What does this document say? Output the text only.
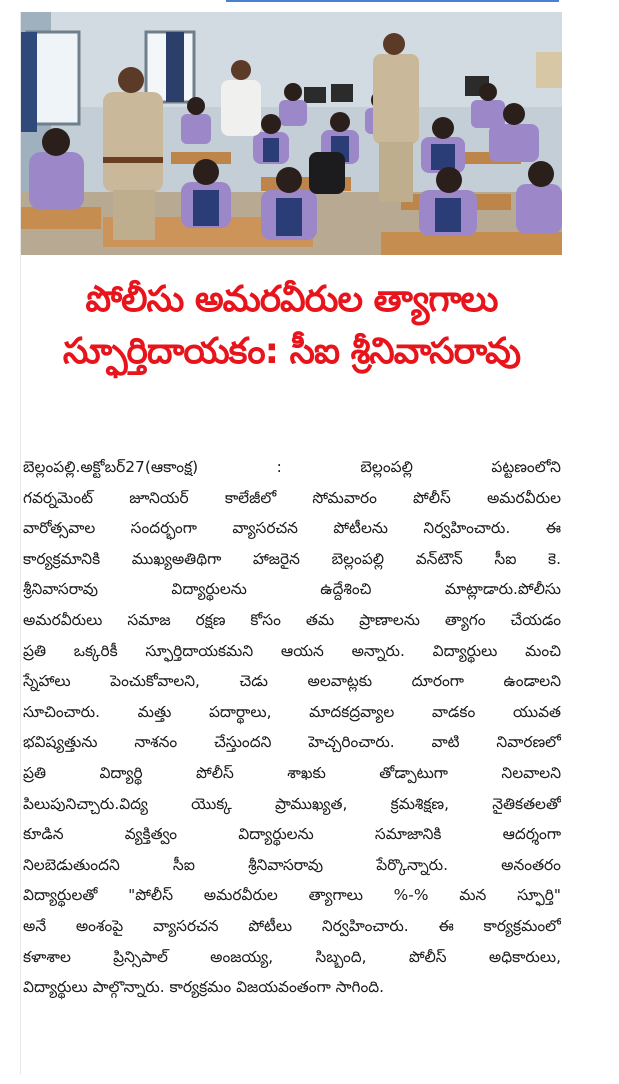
పోలీసు అమరవీరుల త్యాగాలు
స్ఫూర్తిదాయకం: సీఐ శ్రీనివాసరావు
బెల్లంపల్లి.అక్టోబర్27(ఆకాంక్ష) : బెల్లంపల్లి పట్టణంలోని
గవర్నమెంట్ జూనియర్ కాలేజీలో సోమవారం పోలీస్ అమరవీరుల
వారోత్సవాల సందర్భంగా వ్యాసరచన పోటీలను నిర్వహించారు. ఈ
కార్యక్రమానికి ముఖ్యఅతిథిగా హాజరైన బెల్లంపల్లి వన్‌టౌన్ సీఐ కె.
శ్రీనివాసరావు విద్యార్థులను ఉద్దేశించి మాట్లాడారు.పోలీసు
అమరవీరులు సమాజ రక్షణ కోసం తమ ప్రాణాలను త్యాగం చేయడం
ప్రతి ఒక్కరికీ స్ఫూర్తిదాయకమని ఆయన అన్నారు. విద్యార్థులు మంచి
స్నేహాలు పెంచుకోవాలని, చెడు అలవాట్లకు దూరంగా ఉండాలని
సూచించారు. మత్తు పదార్థాలు, మాదకద్రవ్యాల వాడకం యువత
భవిష్యత్తును నాశనం చేస్తుందని హెచ్చరించారు. వాటి నివారణలో
ప్రతి విద్యార్థి పోలీస్ శాఖకు తోడ్పాటుగా నిలవాలని
పిలుపునిచ్చారు.విద్య యొక్క ప్రాముఖ్యత, క్రమశిక్షణ, నైతికతలతో
కూడిన వ్యక్తిత్వం విద్యార్థులను సమాజానికి ఆదర్శంగా
నిలబెడుతుందని సీఐ శ్రీనివాసరావు పేర్కొన్నారు. అనంతరం
విద్యార్థులతో "పోలీస్ అమరవీరుల త్యాగాలు %-% మన స్ఫూర్తి"
అనే అంశంపై వ్యాసరచన పోటీలు నిర్వహించారు. ఈ కార్యక్రమంలో
కళాశాల ప్రిన్సిపాల్ అంజయ్య, సిబ్బంది, పోలీస్ అధికారులు,
విద్యార్థులు పాల్గొన్నారు. కార్యక్రమం విజయవంతంగా సాగింది.
